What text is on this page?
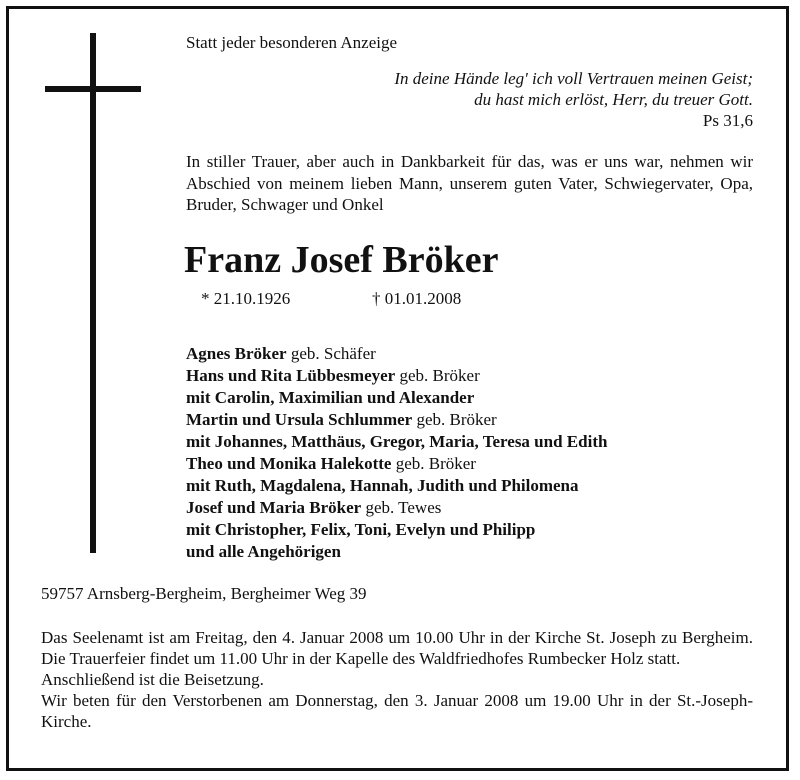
Statt jeder besonderen Anzeige
In deine Hände leg' ich voll Vertrauen meinen Geist;
du hast mich erlöst, Herr, du treuer Gott.
Ps 31,6
In stiller Trauer, aber auch in Dankbarkeit für das, was er uns war, nehmen wir Abschied von meinem lieben Mann, unserem guten Vater, Schwiegervater, Opa, Bruder, Schwager und Onkel
Franz Josef Bröker
* 21.10.1926	† 01.01.2008
Agnes Bröker geb. Schäfer
Hans und Rita Lübbesmeyer geb. Bröker
mit Carolin, Maximilian und Alexander
Martin und Ursula Schlummer geb. Bröker
mit Johannes, Matthäus, Gregor, Maria, Teresa und Edith
Theo und Monika Halekotte geb. Bröker
mit Ruth, Magdalena, Hannah, Judith und Philomena
Josef und Maria Bröker geb. Tewes
mit Christopher, Felix, Toni, Evelyn und Philipp
und alle Angehörigen
59757 Arnsberg-Bergheim, Bergheimer Weg 39
Das Seelenamt ist am Freitag, den 4. Januar 2008 um 10.00 Uhr in der Kirche St. Joseph zu Bergheim. Die Trauerfeier findet um 11.00 Uhr in der Kapelle des Waldfriedhofes Rumbecker Holz statt.
Anschließend ist die Beisetzung.
Wir beten für den Verstorbenen am Donnerstag, den 3. Januar 2008 um 19.00 Uhr in der St.-Joseph-Kirche.
